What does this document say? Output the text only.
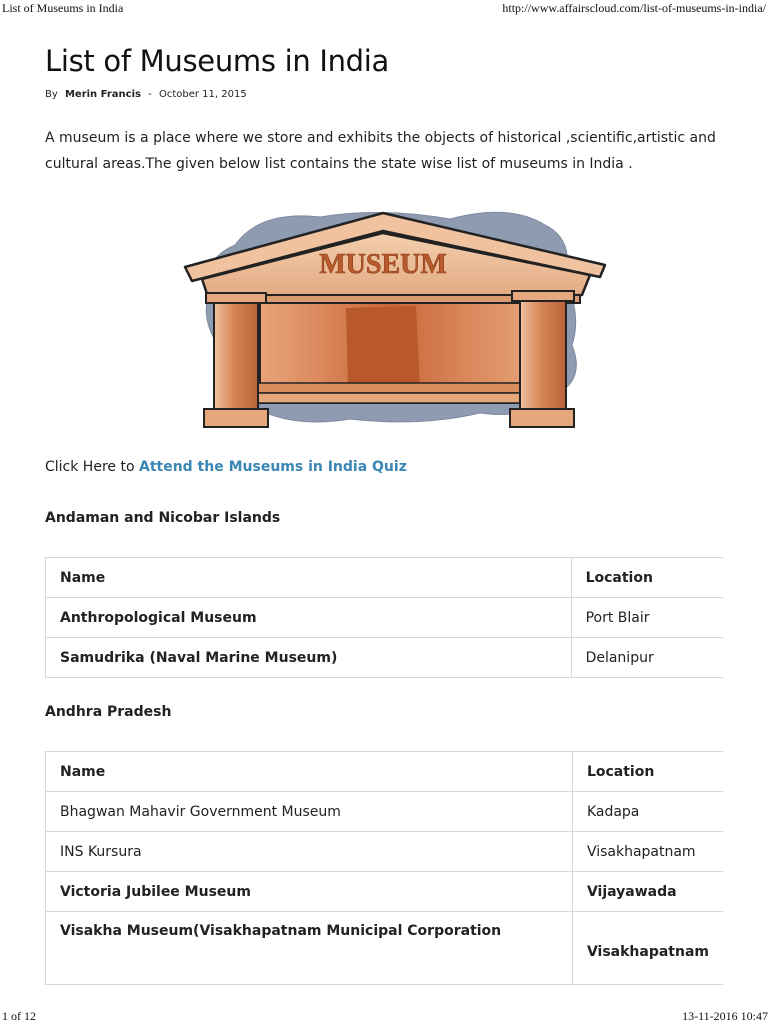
List of Museums in India	http://www.affairscloud.com/list-of-museums-in-india/
List of Museums in India
By Merin Francis - October 11, 2015

A museum is a place where we store and exhibits the objects of historical ,scientific,artistic and cultural areas.The given below list contains the state wise list of museums in India .

MUSEUM
Click Here to Attend the Museums in India Quiz
Andaman and Nicobar Islands
Name	Location
Anthropological Museum	Port Blair
Samudrika (Naval Marine Museum)	Delanipur
Andhra Pradesh
Name	Location
Bhagwan Mahavir Government Museum	Kadapa
INS Kursura	Visakhapatnam
Victoria Jubilee Museum	Vijayawada
Visakha Museum(Visakhapatnam Municipal Corporation	Visakhapatnam
1 of 12	13-11-2016 10:47
